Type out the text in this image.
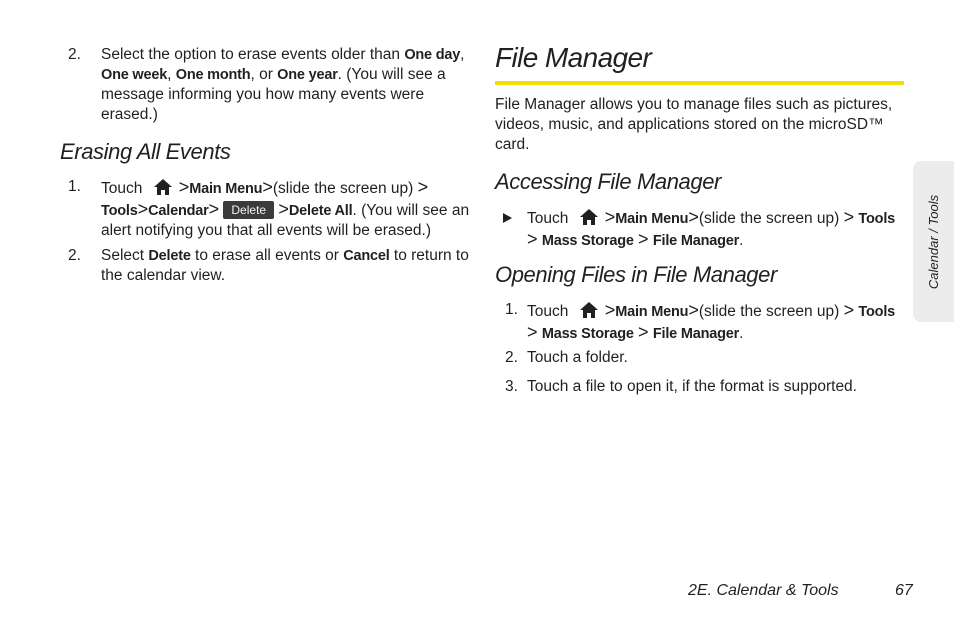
2.	Select the option to erase events older than One day, One week, One month, or One year. (You will see a message informing you how many events were erased.)
Erasing All Events
1.	Touch >Main Menu>(slide the screen up) > Tools>Calendar> Delete >Delete All. (You will see an alert notifying you that all events will be erased.)
2.	Select Delete to erase all events or Cancel to return to the calendar view.
File Manager
File Manager allows you to manage files such as pictures, videos, music, and applications stored on the microSD™ card.
Accessing File Manager
Touch >Main Menu>(slide the screen up) > Tools > Mass Storage > File Manager.
Opening Files in File Manager
1. Touch >Main Menu>(slide the screen up) > Tools > Mass Storage > File Manager.
2. Touch a folder.
3. Touch a file to open it, if the format is supported.
Calendar / Tools
2E. Calendar & Tools	67
